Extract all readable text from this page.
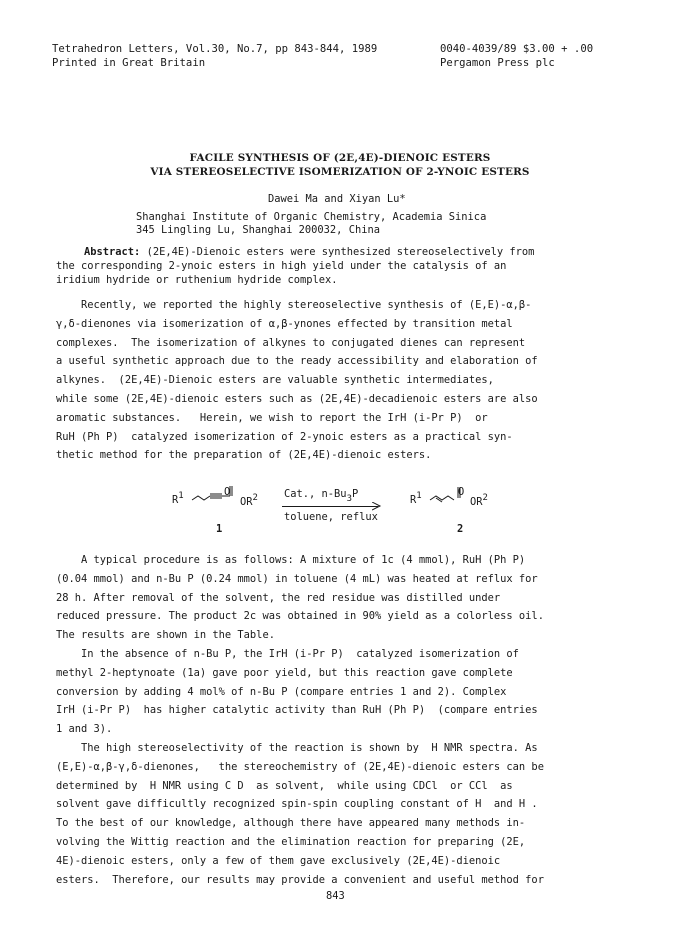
Tetrahedron Letters, Vol.30, No.7, pp 843-844, 1989
Printed in Great Britain
0040-4039/89 $3.00 + .00
Pergamon Press plc
FACILE SYNTHESIS OF (2E,4E)-DIENOIC ESTERS
VIA STEREOSELECTIVE ISOMERIZATION OF 2-YNOIC ESTERS
Dawei Ma and Xiyan Lu*
Shanghai Institute of Organic Chemistry, Academia Sinica
345 Lingling Lu, Shanghai 200032, China
Abstract: (2E,4E)-Dienoic esters were synthesized stereoselectively from
the corresponding 2-ynoic esters in high yield under the catalysis of an
iridium hydride or ruthenium hydride complex.

Recently, we reported the highly stereoselective synthesis of (E,E)-α,β-

γ,δ-dienones via isomerization of α,β-ynones effected by transition metal

complexes.  The isomerization of alkynes to conjugated dienes can represent

a useful synthetic approach due to the ready accessibility and elaboration of

alkynes.  (2E,4E)-Dienoic esters are valuable synthetic intermediates,

while some (2E,4E)-dienoic esters such as (2E,4E)-decadienoic esters are also

aromatic substances.   Herein, we wish to report the IrH (i-Pr P)  or

RuH (Ph P)  catalyzed isomerization of 2-ynoic esters as a practical syn-

thetic method for the preparation of (2E,4E)-dienoic esters.

R1	O
OR2	Cat., n-Bu3P
toluene, reflux
R1	O
OR2
1	2

A typical procedure is as follows: A mixture of 1c (4 mmol), RuH (Ph P)

(0.04 mmol) and n-Bu P (0.24 mmol) in toluene (4 mL) was heated at reflux for

28 h. After removal of the solvent, the red residue was distilled under

reduced pressure. The product 2c was obtained in 90% yield as a colorless oil.

The results are shown in the Table.

In the absence of n-Bu P, the IrH (i-Pr P)  catalyzed isomerization of

methyl 2-heptynoate (1a) gave poor yield, but this reaction gave complete

conversion by adding 4 mol% of n-Bu P (compare entries 1 and 2). Complex

IrH (i-Pr P)  has higher catalytic activity than RuH (Ph P)  (compare entries

1 and 3).

The high stereoselectivity of the reaction is shown by  H NMR spectra. As

(E,E)-α,β-γ,δ-dienones,   the stereochemistry of (2E,4E)-dienoic esters can be

determined by  H NMR using C D  as solvent,  while using CDCl  or CCl  as

solvent gave difficultly recognized spin-spin coupling constant of H  and H .

To the best of our knowledge, although there have appeared many methods in-

volving the Wittig reaction and the elimination reaction for preparing (2E,

4E)-dienoic esters, only a few of them gave exclusively (2E,4E)-dienoic

esters.  Therefore, our results may provide a convenient and useful method for

843
